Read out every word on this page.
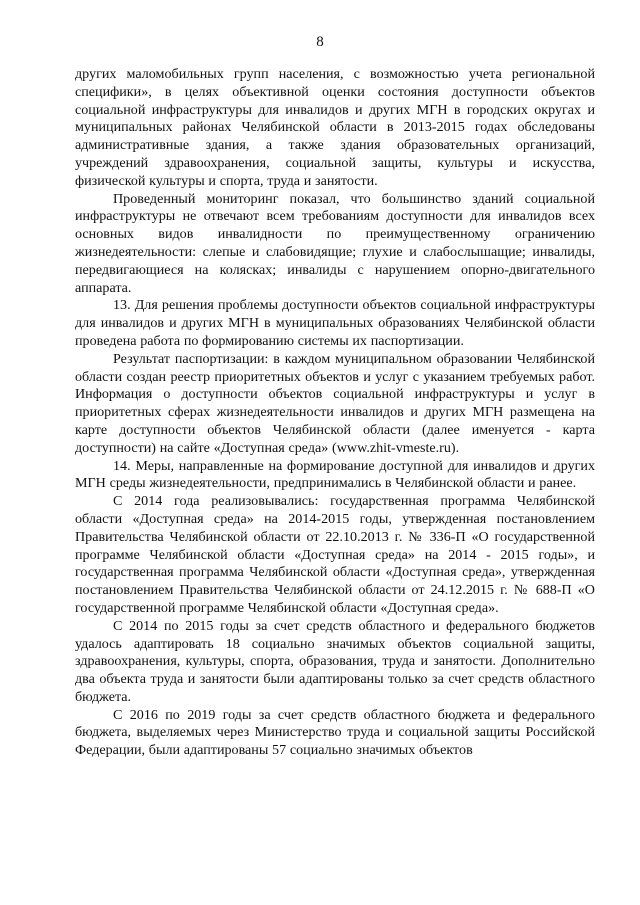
8

других маломобильных групп населения, с возможностью учета региональной специфики», в целях объективной оценки состояния доступности объектов социальной инфраструктуры для инвалидов и других МГН в городских округах и муниципальных районах Челябинской области в 2013-2015 годах обследованы административные здания, а также здания образовательных организаций, учреждений здравоохранения, социальной защиты, культуры и искусства, физической культуры и спорта, труда и занятости.

Проведенный мониторинг показал, что большинство зданий социальной инфраструктуры не отвечают всем требованиям доступности для инвалидов всех основных видов инвалидности по преимущественному ограничению жизнедеятельности: слепые и слабовидящие; глухие и слабослышащие; инвалиды, передвигающиеся на колясках; инвалиды с нарушением опорно-двигательного аппарата.

13. Для решения проблемы доступности объектов социальной инфраструктуры для инвалидов и других МГН в муниципальных образованиях Челябинской области проведена работа по формированию системы их паспортизации.

Результат паспортизации: в каждом муниципальном образовании Челябинской области создан реестр приоритетных объектов и услуг с указанием требуемых работ. Информация о доступности объектов социальной инфраструктуры и услуг в приоритетных сферах жизнедеятельности инвалидов и других МГН размещена на карте доступности объектов Челябинской области (далее именуется - карта доступности) на сайте «Доступная среда» (www.zhit-vmeste.ru).

14. Меры, направленные на формирование доступной для инвалидов и других МГН среды жизнедеятельности, предпринимались в Челябинской области и ранее.

С 2014 года реализовывались: государственная программа Челябинской области «Доступная среда» на 2014-2015 годы, утвержденная постановлением Правительства Челябинской области от 22.10.2013 г. № 336-П «О государственной программе Челябинской области «Доступная среда» на 2014 - 2015 годы», и государственная программа Челябинской области «Доступная среда», утвержденная постановлением Правительства Челябинской области от 24.12.2015 г. № 688-П «О государственной программе Челябинской области «Доступная среда».

С 2014 по 2015 годы за счет средств областного и федерального бюджетов удалось адаптировать 18 социально значимых объектов социальной защиты, здравоохранения, культуры, спорта, образования, труда и занятости. Дополнительно два объекта труда и занятости были адаптированы только за счет средств областного бюджета.

С 2016 по 2019 годы за счет средств областного бюджета и федерального бюджета, выделяемых через Министерство труда и социальной защиты Российской Федерации, были адаптированы 57 социально значимых объектов
